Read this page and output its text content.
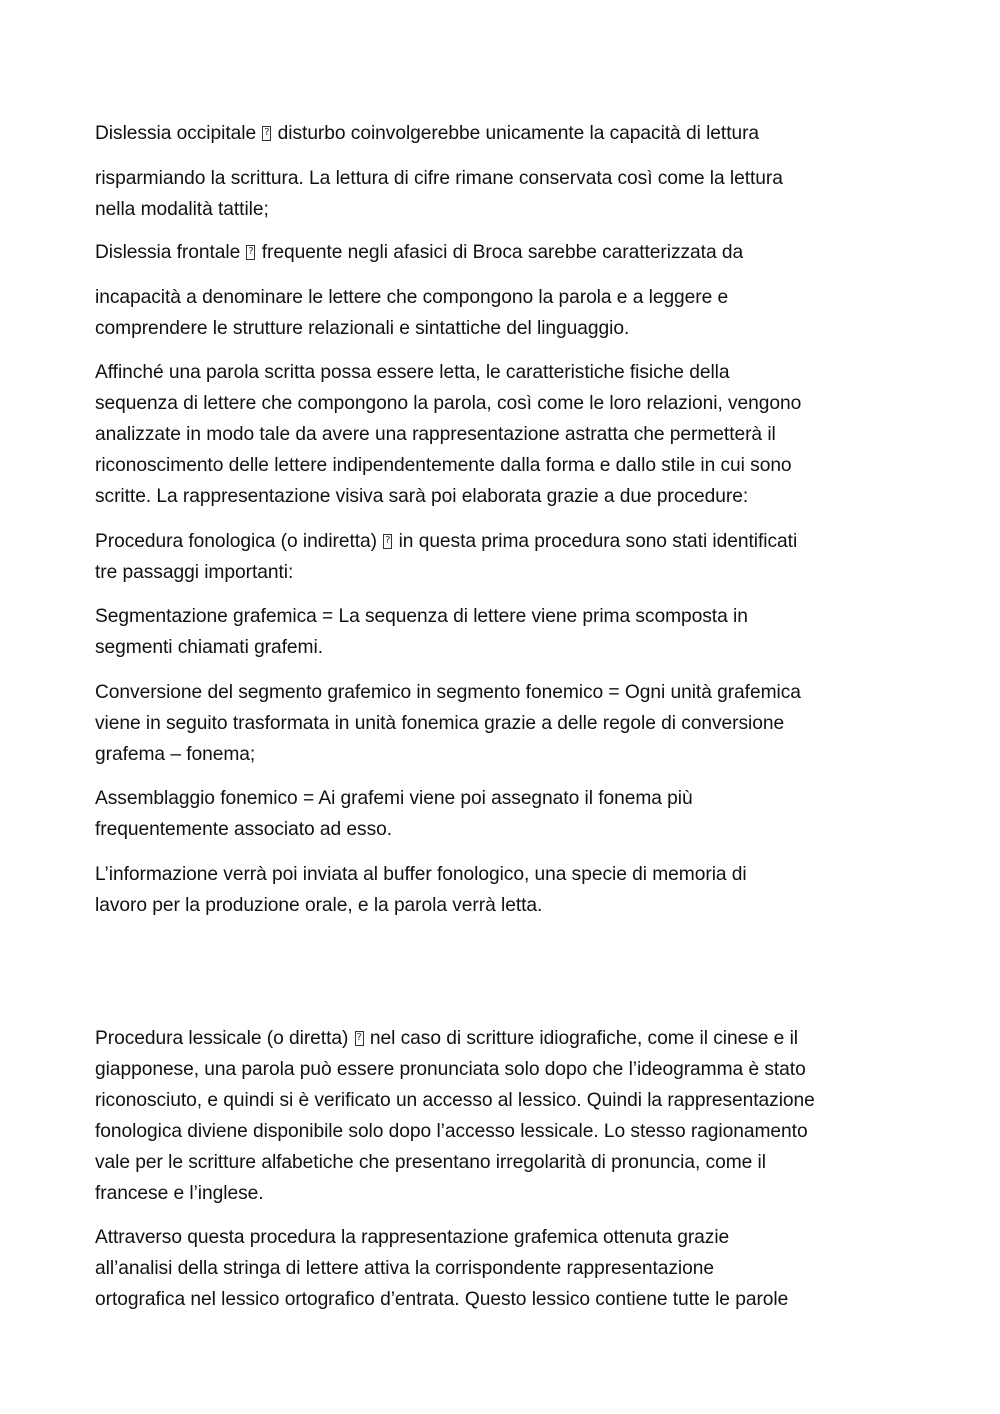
Dislessia occipitale ? disturbo coinvolgerebbe unicamente la capacità di lettura

risparmiando la scrittura. La lettura di cifre rimane conservata così come la lettura
nella modalità tattile;

Dislessia frontale ? frequente negli afasici di Broca sarebbe caratterizzata da

incapacità a denominare le lettere che compongono la parola e a leggere e
comprendere le strutture relazionali e sintattiche del linguaggio.

Affinché una parola scritta possa essere letta, le caratteristiche fisiche della
sequenza di lettere che compongono la parola, così come le loro relazioni, vengono
analizzate in modo tale da avere una rappresentazione astratta che permetterà il
riconoscimento delle lettere indipendentemente dalla forma e dallo stile in cui sono
scritte. La rappresentazione visiva sarà poi elaborata grazie a due procedure:

Procedura fonologica (o indiretta) ? in questa prima procedura sono stati identificati
tre passaggi importanti:

Segmentazione grafemica = La sequenza di lettere viene prima scomposta in
segmenti chiamati grafemi.

Conversione del segmento grafemico in segmento fonemico = Ogni unità grafemica
viene in seguito trasformata in unità fonemica grazie a delle regole di conversione
grafema – fonema;

Assemblaggio fonemico = Ai grafemi viene poi assegnato il fonema più
frequentemente associato ad esso.

L’informazione verrà poi inviata al buffer fonologico, una specie di memoria di
lavoro per la produzione orale, e la parola verrà letta.

Procedura lessicale (o diretta) ? nel caso di scritture idiografiche, come il cinese e il
giapponese, una parola può essere pronunciata solo dopo che l’ideogramma è stato
riconosciuto, e quindi si è verificato un accesso al lessico. Quindi la rappresentazione
fonologica diviene disponibile solo dopo l’accesso lessicale. Lo stesso ragionamento
vale per le scritture alfabetiche che presentano irregolarità di pronuncia, come il
francese e l’inglese.

Attraverso questa procedura la rappresentazione grafemica ottenuta grazie
all’analisi della stringa di lettere attiva la corrispondente rappresentazione
ortografica nel lessico ortografico d’entrata. Questo lessico contiene tutte le parole
